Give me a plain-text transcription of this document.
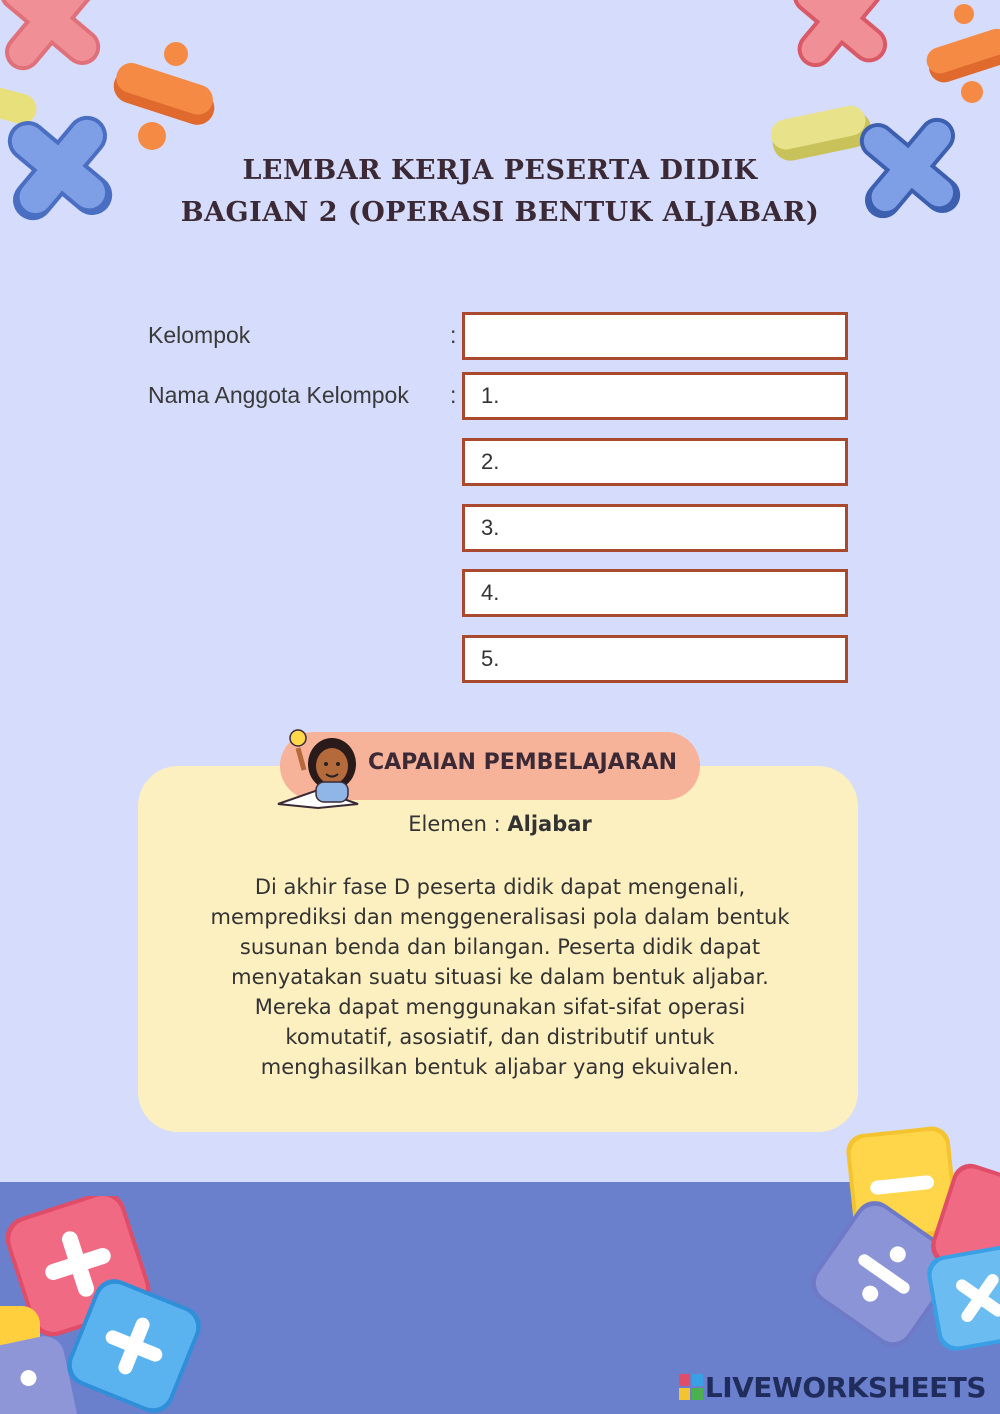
LEMBAR KERJA PESERTA DIDIK
BAGIAN 2 (OPERASI BENTUK ALJABAR)
Kelompok	:
Nama Anggota Kelompok :	1.
2.
3.
4.
5.
CAPAIAN PEMBELAJARAN
Elemen : Aljabar
Di akhir fase D peserta didik dapat mengenali, memprediksi dan menggeneralisasi pola dalam bentuk susunan benda dan bilangan. Peserta didik dapat menyatakan suatu situasi ke dalam bentuk aljabar. Mereka dapat menggunakan sifat-sifat operasi komutatif, asosiatif, dan distributif untuk menghasilkan bentuk aljabar yang ekuivalen.
LIVEWORKSHEETS
